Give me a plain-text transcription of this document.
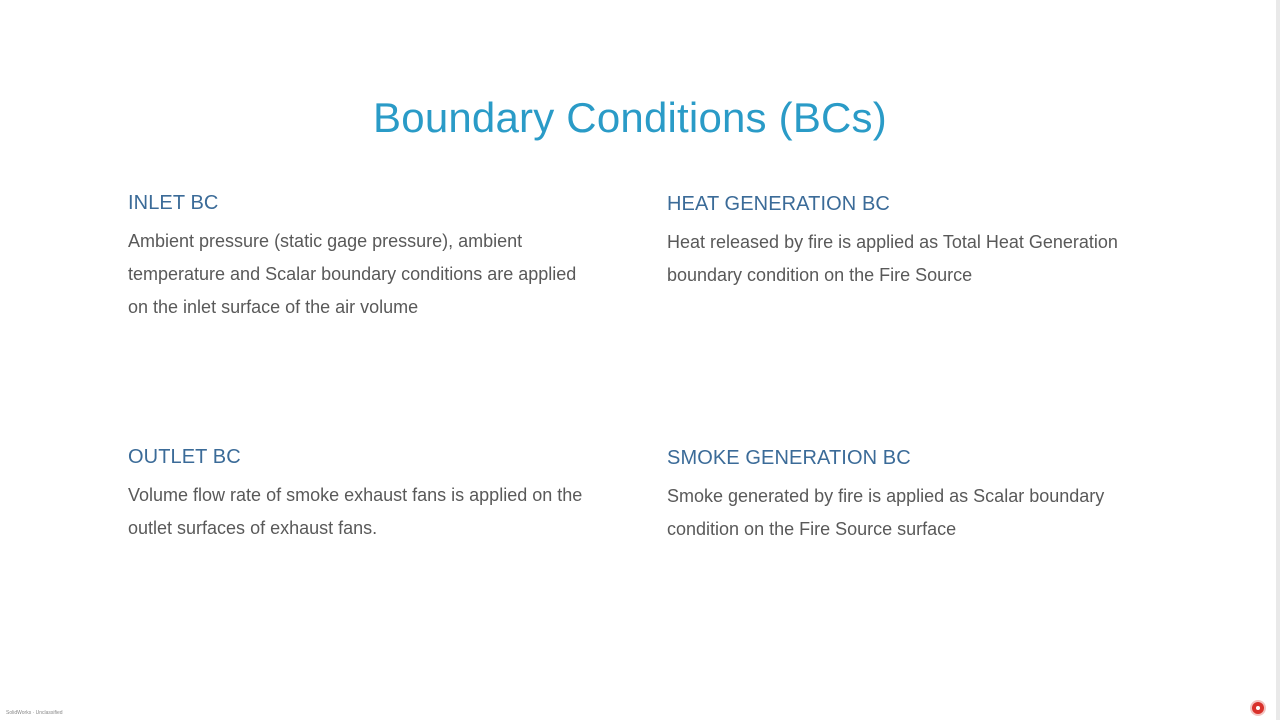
Boundary Conditions (BCs)
INLET BC

Ambient pressure (static gage pressure), ambient temperature and Scalar boundary conditions are applied on the inlet surface of the air volume

HEAT GENERATION BC

Heat released by fire is applied as Total Heat Generation boundary condition on the Fire Source

OUTLET BC

Volume flow rate of smoke exhaust fans is applied on the outlet surfaces of exhaust fans.

SMOKE GENERATION BC

Smoke generated by fire is applied as Scalar boundary condition on the Fire Source surface

SolidWorks · Unclassified
